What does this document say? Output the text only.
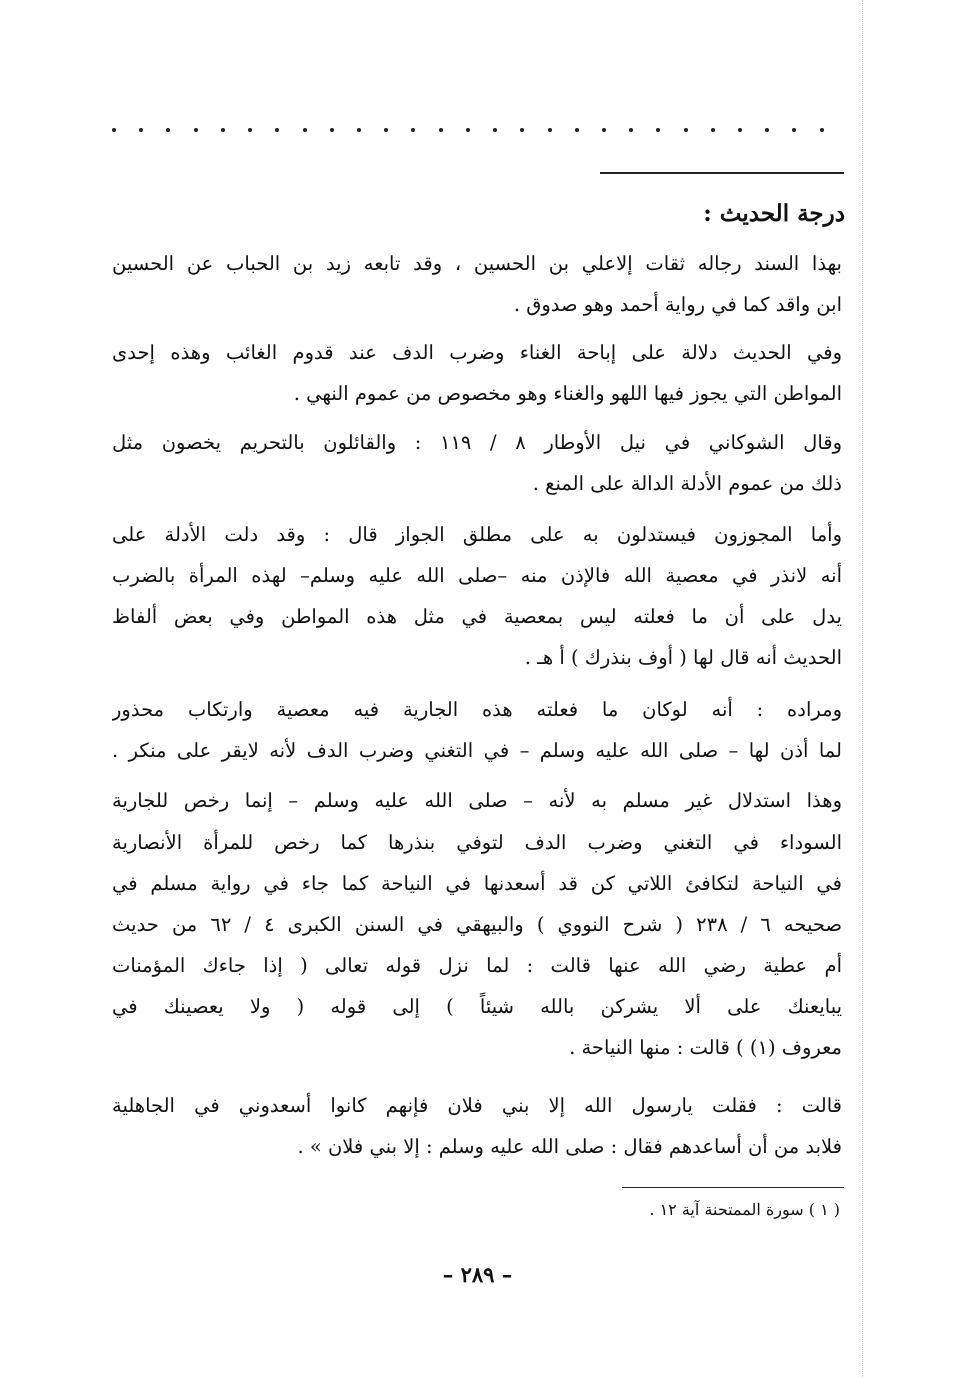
درجة الحديث :
بهذا السند رجاله ثقات إلاعلي بن الحسين ، وقد تابعه زيد بن الحباب عن الحسين
ابن واقد كما في رواية أحمد وهو صدوق .
وفي الحديث دلالة على إباحة الغناء وضرب الدف عند قدوم الغائب وهذه إحدى
المواطن التي يجوز فيها اللهو والغناء وهو مخصوص من عموم النهي .
وقال الشوكاني في نيل الأوطار ٨ / ١١٩ : والقائلون بالتحريم يخصون مثل
ذلك من عموم الأدلة الدالة على المنع .
وأما المجوزون فيستدلون به على مطلق الجواز قال : وقد دلت الأدلة على
أنه لانذر في معصية الله فالإذن منه –صلى الله عليه وسلم– لهذه المرأة بالضرب
يدل على أن ما فعلته ليس بمعصية في مثل هذه المواطن وفي بعض ألفاظ
الحديث أنه قال لها ( أوف بنذرك ) أ هـ .
ومراده : أنه لوكان ما فعلته هذه الجارية فيه معصية وارتكاب محذور
لما أذن لها – صلى الله عليه وسلم – في التغني وضرب الدف لأنه لايقر على منكر .
وهذا استدلال غير مسلم به لأنه – صلى الله عليه وسلم – إنما رخص للجارية
السوداء في التغني وضرب الدف لتوفي بنذرها كما رخص للمرأة الأنصارية
في النياحة لتكافئ اللاتي كن قد أسعدنها في النياحة كما جاء في رواية مسلم في
صحيحه ٦ / ٢٣٨ ( شرح النووي ) والبيهقي في السنن الكبرى ٤ / ٦٢ من حديث
أم عطية رضي الله عنها قالت : لما نزل قوله تعالى ( إذا جاءك المؤمنات
يبايعنك على ألا يشركن بالله شيئاً ) إلى قوله ( ولا يعصينك في
معروف (١) ) قالت : منها النياحة .
قالت : فقلت يارسول الله إلا بني فلان فإنهم كانوا أسعدوني في الجاهلية
فلابد من أن أساعدهم فقال : صلى الله عليه وسلم : إلا بني فلان » .
( ١ ) سورة الممتحنة آية ١٢ .
– ٢٨٩ –
